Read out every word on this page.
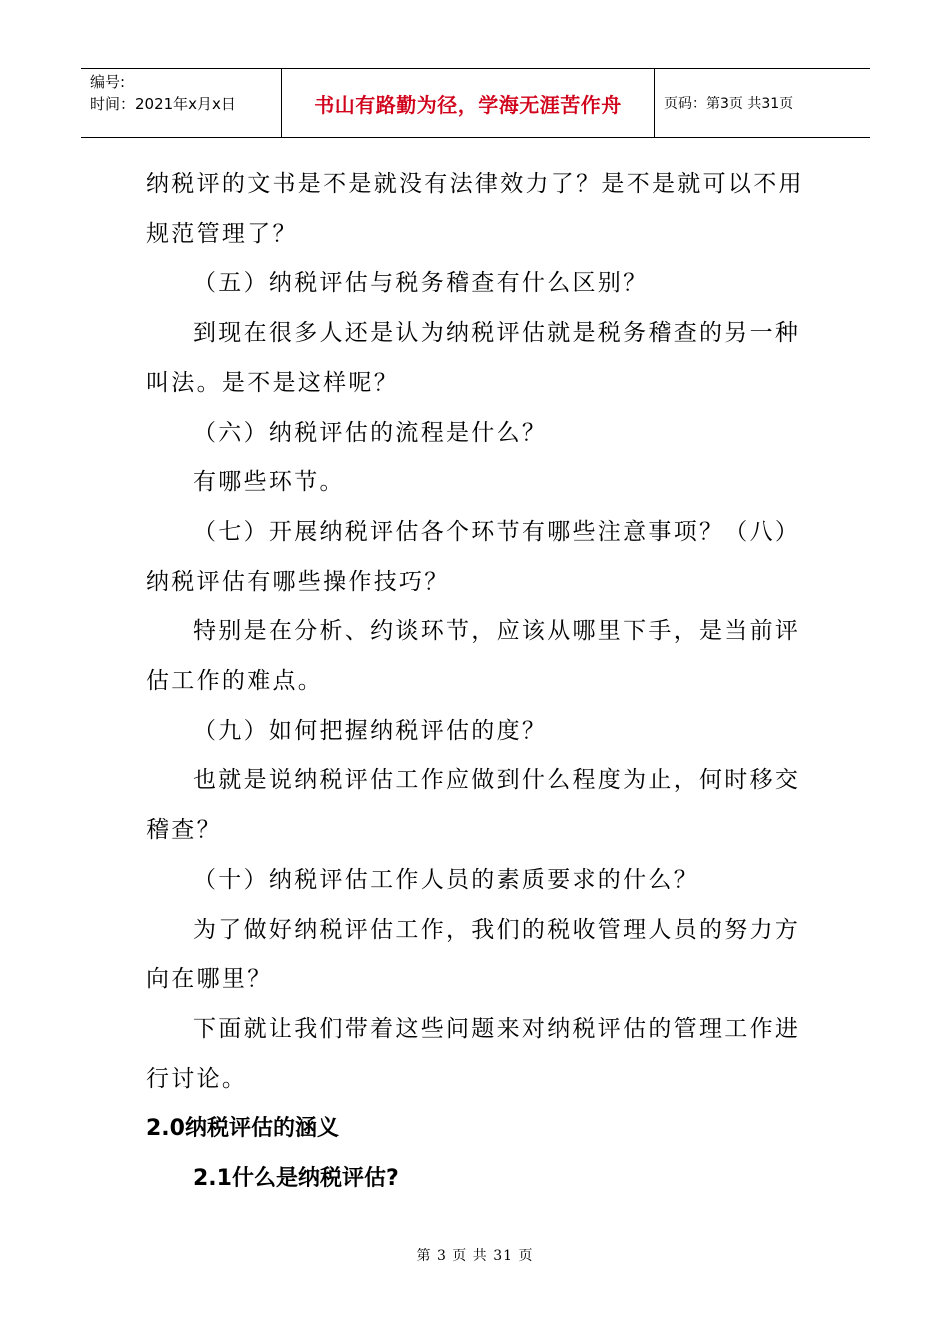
编号:
时间：2021年x月x日	书山有路勤为径，学海无涯苦作舟	页码：第3页 共31页

纳税评的文书是不是就没有法律效力了？是不是就可以不用规范管理了？

（五）纳税评估与税务稽查有什么区别？

到现在很多人还是认为纳税评估就是税务稽查的另一种叫法。是不是这样呢？

（六）纳税评估的流程是什么？

有哪些环节。

（七）开展纳税评估各个环节有哪些注意事项？（八）纳税评估有哪些操作技巧？

特别是在分析、约谈环节，应该从哪里下手，是当前评估工作的难点。

（九）如何把握纳税评估的度？

也就是说纳税评估工作应做到什么程度为止，何时移交稽查？

（十）纳税评估工作人员的素质要求的什么？

为了做好纳税评估工作，我们的税收管理人员的努力方向在哪里？

下面就让我们带着这些问题来对纳税评估的管理工作进行讨论。

2.0纳税评估的涵义

2.1什么是纳税评估?

第 3 页 共 31 页
